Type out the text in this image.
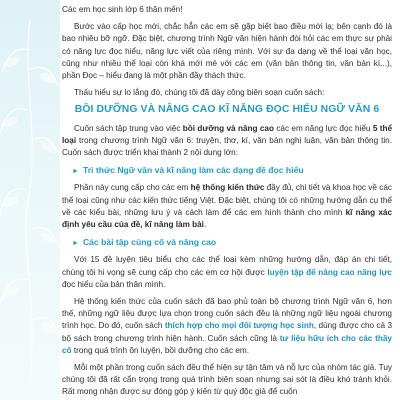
Các em học sinh lớp 6 thân mến!

Bước vào cấp học mới, chắc hẳn các em sẽ gặp biết bao điều mới lạ; bên cạnh đó là bao nhiêu bỡ ngỡ. Đặc biệt, chương trình Ngữ văn hiện hành đòi hỏi các em thực sự phải có năng lực đọc hiểu, năng lực viết của riêng mình. Với sự đa dạng về thể loại văn học, cũng như nhiều thể loại còn khá mới mẻ với các em (văn bản thông tin, văn bản kí...), phần Đọc – hiểu đang là một phần đầy thách thức.

Thấu hiểu sự lo lắng đó, chúng tôi đã dày công biên soạn cuốn sách:

BỒI DƯỠNG VÀ NÂNG CAO KĨ NĂNG ĐỌC HIỂU NGỮ VĂN 6

Cuốn sách tập trung vào việc bồi dưỡng và nâng cao các em năng lực đọc hiểu 5 thể loại trong chương trình Ngữ văn 6: truyện, thơ, kí, văn bản nghị luận, văn bản thông tin. Cuốn sách được triển khai thành 2 nội dung lớn:

► Tri thức Ngữ văn và kĩ năng làm các dạng đề đọc hiểu

Phần này cung cấp cho các em hệ thống kiến thức đầy đủ, chi tiết và khoa học về các thể loại cũng như các kiến thức tiếng Việt. Đặc biệt, chúng tôi có những hướng dẫn cụ thể về các kiểu bài, những lưu ý và cách làm để các em hình thành cho mình kĩ năng xác định yêu cầu của đề, kĩ năng làm bài.

► Các bài tập củng cố và nâng cao

Với 15 đề luyện tiêu biểu cho các thể loại kèm những hướng dẫn, đáp án chi tiết, chúng tôi hi vọng sẽ cung cấp cho các em cơ hội được luyện tập để nâng cao năng lực đọc hiểu của bản thân mình.

Hệ thống kiến thức của cuốn sách đã bao phủ toàn bộ chương trình Ngữ văn 6, hơn thế, những ngữ liệu được lựa chọn trong cuốn sách đều là những ngữ liệu ngoài chương trình học. Do đó, cuốn sách thích hợp cho mọi đối tượng học sinh, dùng được cho cả 3 bộ sách trong chương trình hiện hành. Cuốn sách cũng là tư liệu hữu ích cho các thầy cô trong quá trình ôn luyện, bồi dưỡng cho các em.

Mỗi một phần trong cuốn sách đều thể hiện sự tận tâm và nỗ lực của nhóm tác giả. Tuy chúng tôi đã rất cẩn trọng trong quá trình biên soạn nhưng sai sót là điều khó tránh khỏi. Rất mong nhận được sự đóng góp ý kiến từ quý độc giả để cuốn
